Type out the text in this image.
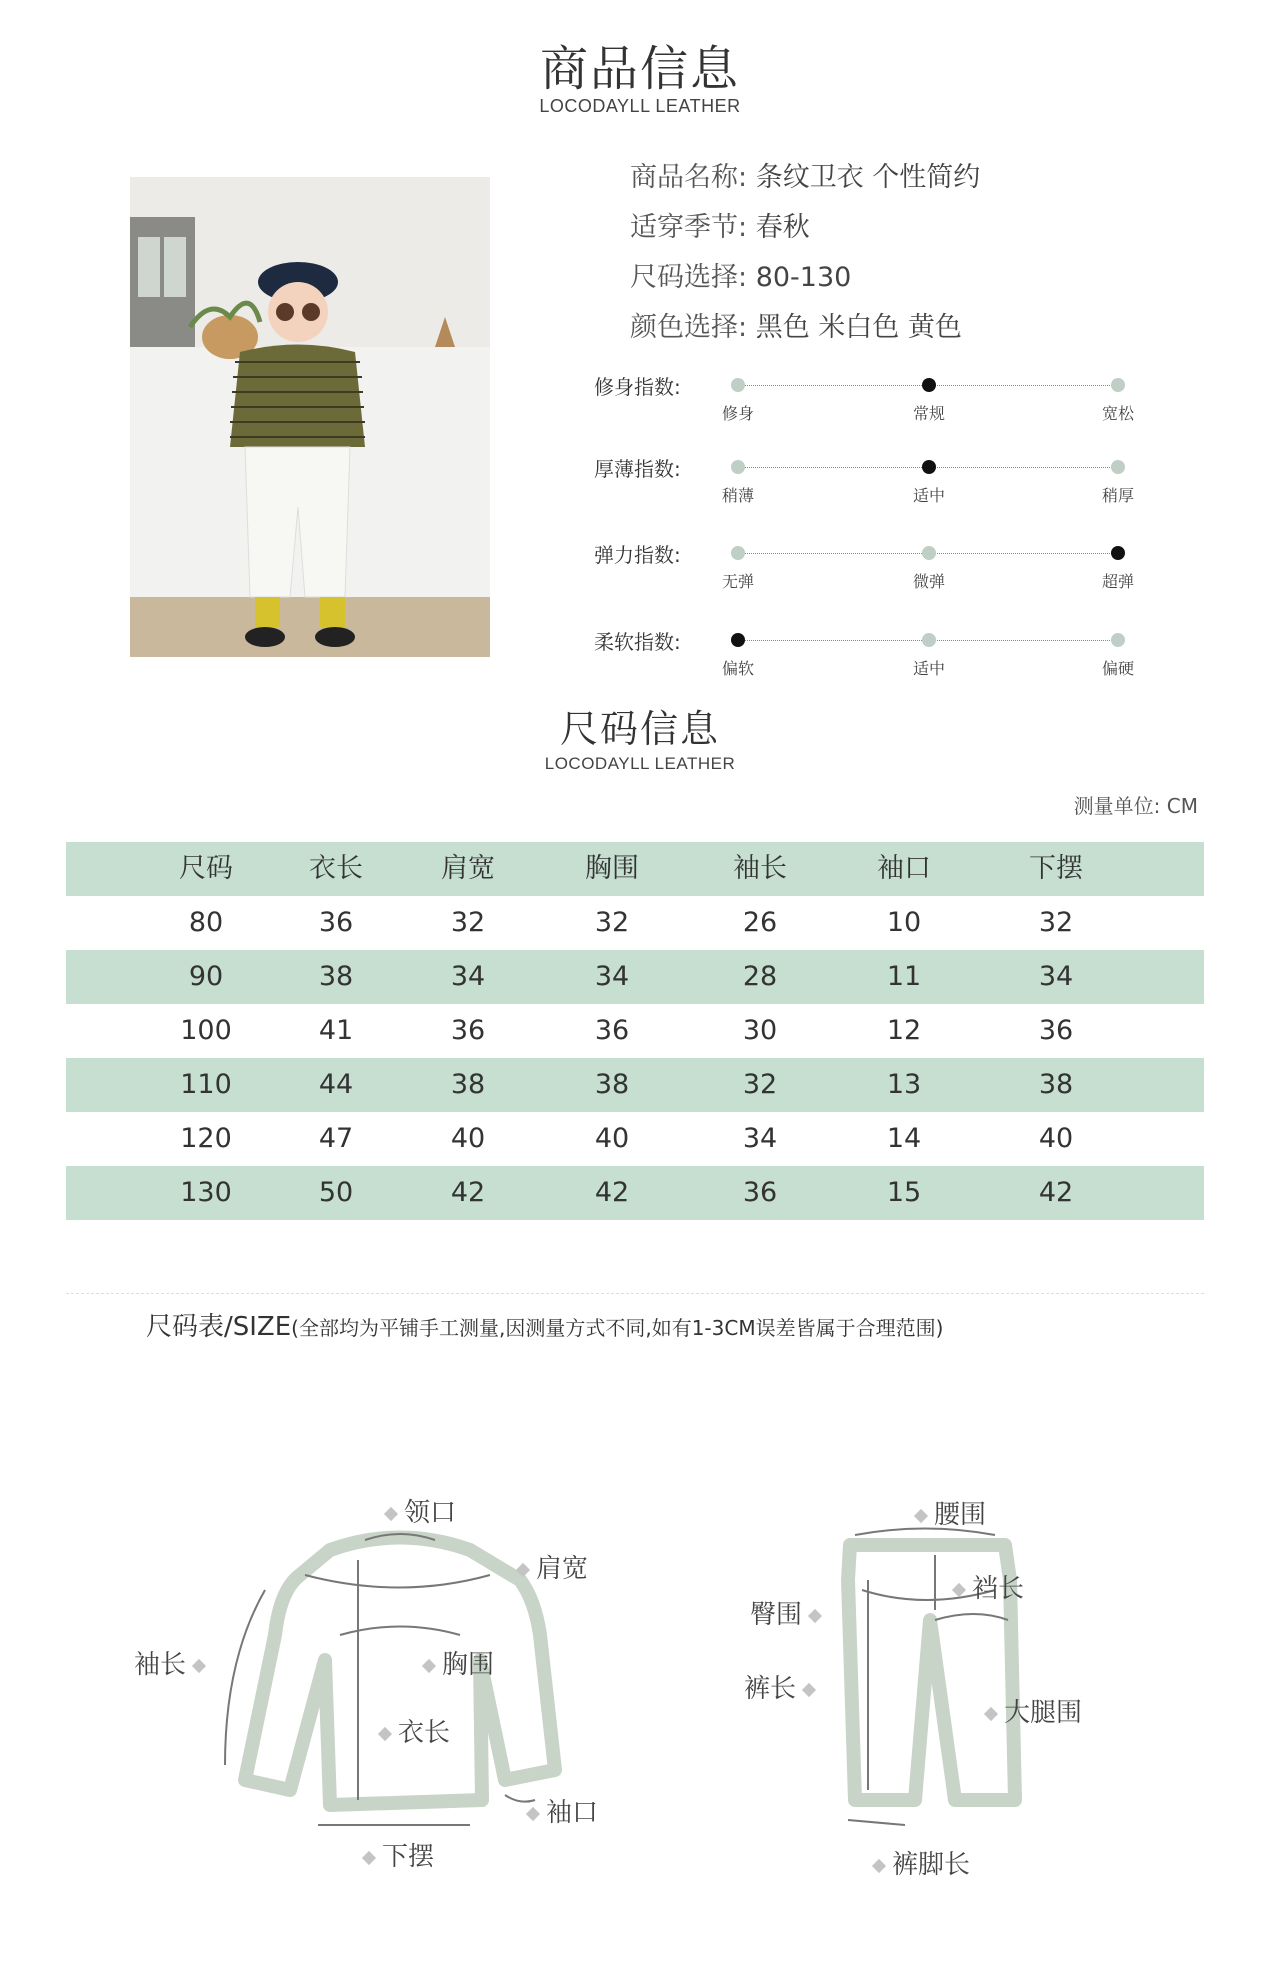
商品信息
LOCODAYLL LEATHER
商品名称: 条纹卫衣 个性简约
适穿季节: 春秋
尺码选择: 80-130
颜色选择: 黑色 米白色 黄色
修身指数:
修身	常规	宽松
厚薄指数:
稍薄	适中	稍厚
弹力指数:
无弹	微弹	超弹
柔软指数:
偏软	适中	偏硬
尺码信息
LOCODAYLL LEATHER
测量单位: CM
尺码	衣长	肩宽	胸围	袖长	袖口	下摆
80	36	32	32	26	10	32
90	38	34	34	28	11	34
100	41	36	36	30	12	36
110	44	38	38	32	13	38
120	47	40	40	34	14	40
130	50	42	42	36	15	42
尺码表/SIZE(全部均为平铺手工测量,因测量方式不同,如有1-3CM误差皆属于合理范围)
领口
肩宽
袖长	胸围
衣长
袖口
下摆
腰围
裆长
臀围
裤长
大腿围
裤脚长
